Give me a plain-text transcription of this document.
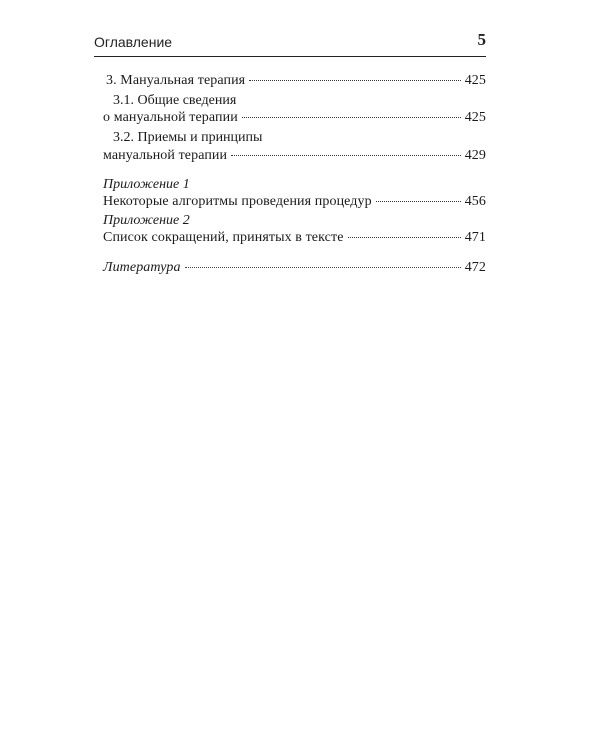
Оглавление	5
3. Мануальная терапия	425
3.1. Общие сведения
о мануальной терапии	425
3.2. Приемы и принципы
мануальной терапии	429
Приложение 1
Некоторые алгоритмы проведения процедур	456
Приложение 2
Список сокращений, принятых в тексте	471
Литература	472
